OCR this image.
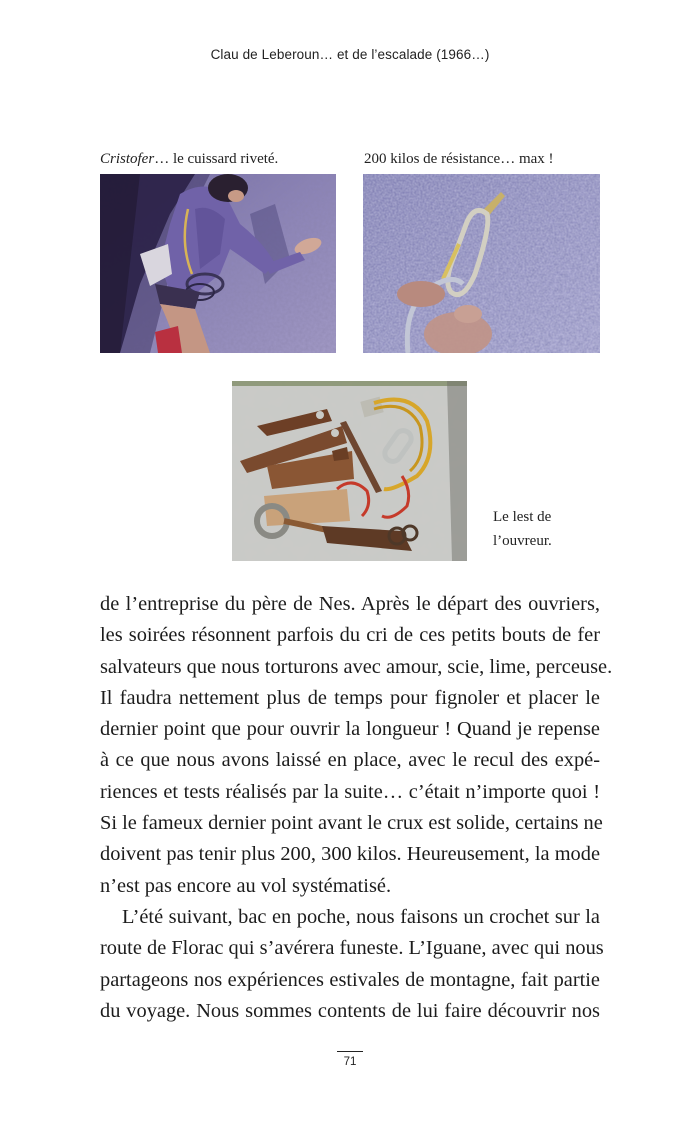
Clau de Leberoun… et de l’escalade (1966…)
Cristofer… le cuissard riveté.	200 kilos de résistance… max !
Le lest de
l’ouvreur.
de l’entreprise du père de Nes. Après le départ des ouvriers,
les soirées résonnent parfois du cri de ces petits bouts de fer
salvateurs que nous torturons avec amour, scie, lime, perceuse.
Il faudra nettement plus de temps pour fignoler et placer le
dernier point que pour ouvrir la longueur ! Quand je repense
à ce que nous avons laissé en place, avec le recul des expé-
riences et tests réalisés par la suite… c’était n’importe quoi !
Si le fameux dernier point avant le crux est solide, certains ne
doivent pas tenir plus 200, 300 kilos. Heureusement, la mode
n’est pas encore au vol systématisé.
L’été suivant, bac en poche, nous faisons un crochet sur la
route de Florac qui s’avérera funeste. L’Iguane, avec qui nous
partageons nos expériences estivales de montagne, fait partie
du voyage. Nous sommes contents de lui faire découvrir nos
71
